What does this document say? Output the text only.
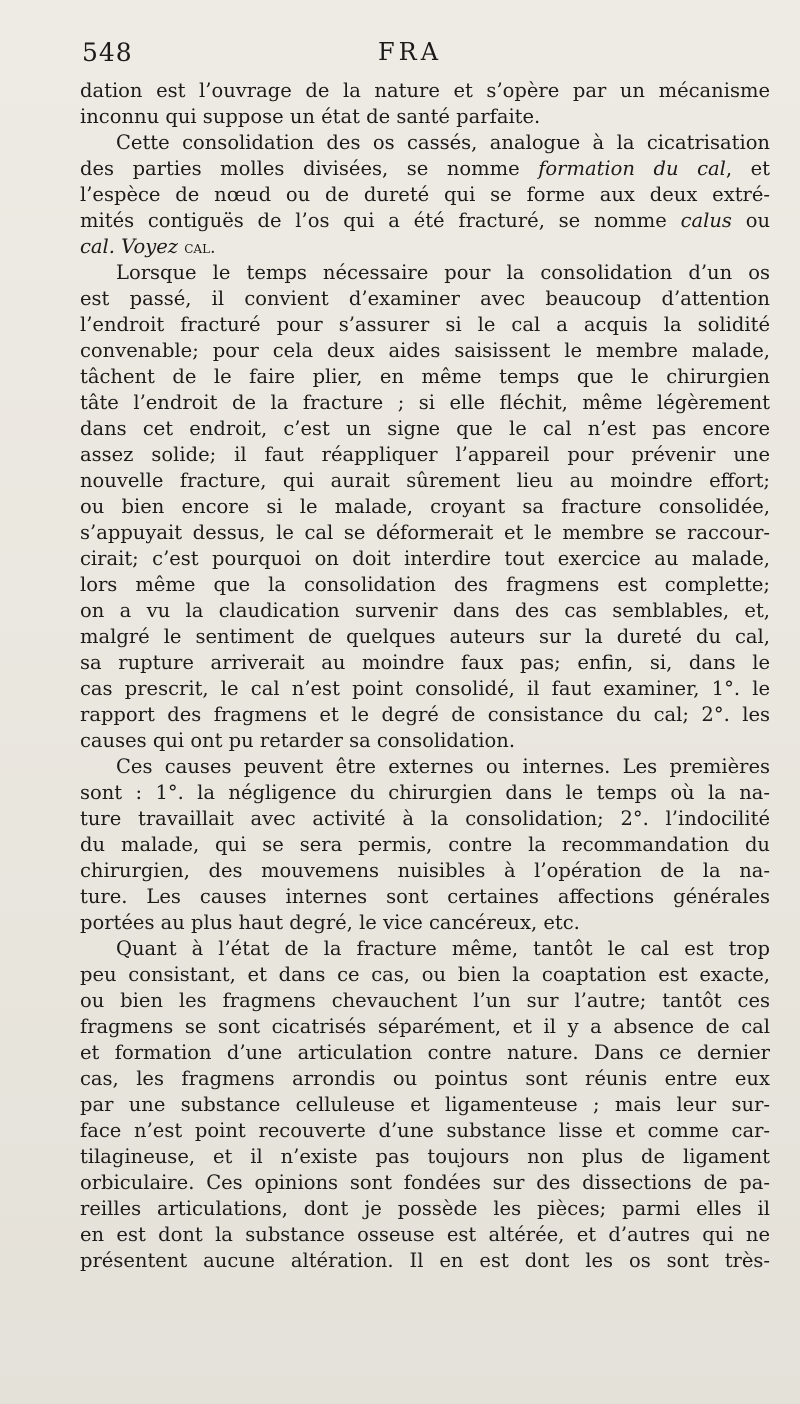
548	FRA
dation est l’ouvrage de la nature et s’opère par un mécanisme
inconnu qui suppose un état de santé parfaite.
Cette consolidation des os cassés, analogue à la cicatrisation
des parties molles divisées, se nomme formation du cal, et
l’espèce de nœud ou de dureté qui se forme aux deux extré-
mités contiguës de l’os qui a été fracturé, se nomme calus ou
cal. Voyez cal.
Lorsque le temps nécessaire pour la consolidation d’un os
est passé, il convient d’examiner avec beaucoup d’attention
l’endroit fracturé pour s’assurer si le cal a acquis la solidité
convenable; pour cela deux aides saisissent le membre malade,
tâchent de le faire plier, en même temps que le chirurgien
tâte l’endroit de la fracture ; si elle fléchit, même légèrement
dans cet endroit, c’est un signe que le cal n’est pas encore
assez solide; il faut réappliquer l’appareil pour prévenir une
nouvelle fracture, qui aurait sûrement lieu au moindre effort;
ou bien encore si le malade, croyant sa fracture consolidée,
s’appuyait dessus, le cal se déformerait et le membre se raccour-
cirait; c’est pourquoi on doit interdire tout exercice au malade,
lors même que la consolidation des fragmens est complette;
on a vu la claudication survenir dans des cas semblables, et,
malgré le sentiment de quelques auteurs sur la dureté du cal,
sa rupture arriverait au moindre faux pas; enfin, si, dans le
cas prescrit, le cal n’est point consolidé, il faut examiner, 1°. le
rapport des fragmens et le degré de consistance du cal; 2°. les
causes qui ont pu retarder sa consolidation.
Ces causes peuvent être externes ou internes. Les premières
sont : 1°. la négligence du chirurgien dans le temps où la na-
ture travaillait avec activité à la consolidation; 2°. l’indocilité
du malade, qui se sera permis, contre la recommandation du
chirurgien, des mouvemens nuisibles à l’opération de la na-
ture. Les causes internes sont certaines affections générales
portées au plus haut degré, le vice cancéreux, etc.
Quant à l’état de la fracture même, tantôt le cal est trop
peu consistant, et dans ce cas, ou bien la coaptation est exacte,
ou bien les fragmens chevauchent l’un sur l’autre; tantôt ces
fragmens se sont cicatrisés séparément, et il y a absence de cal
et formation d’une articulation contre nature. Dans ce dernier
cas, les fragmens arrondis ou pointus sont réunis entre eux
par une substance celluleuse et ligamenteuse ; mais leur sur-
face n’est point recouverte d’une substance lisse et comme car-
tilagineuse, et il n’existe pas toujours non plus de ligament
orbiculaire. Ces opinions sont fondées sur des dissections de pa-
reilles articulations, dont je possède les pièces; parmi elles il
en est dont la substance osseuse est altérée, et d’autres qui ne
présentent aucune altération. Il en est dont les os sont très-
